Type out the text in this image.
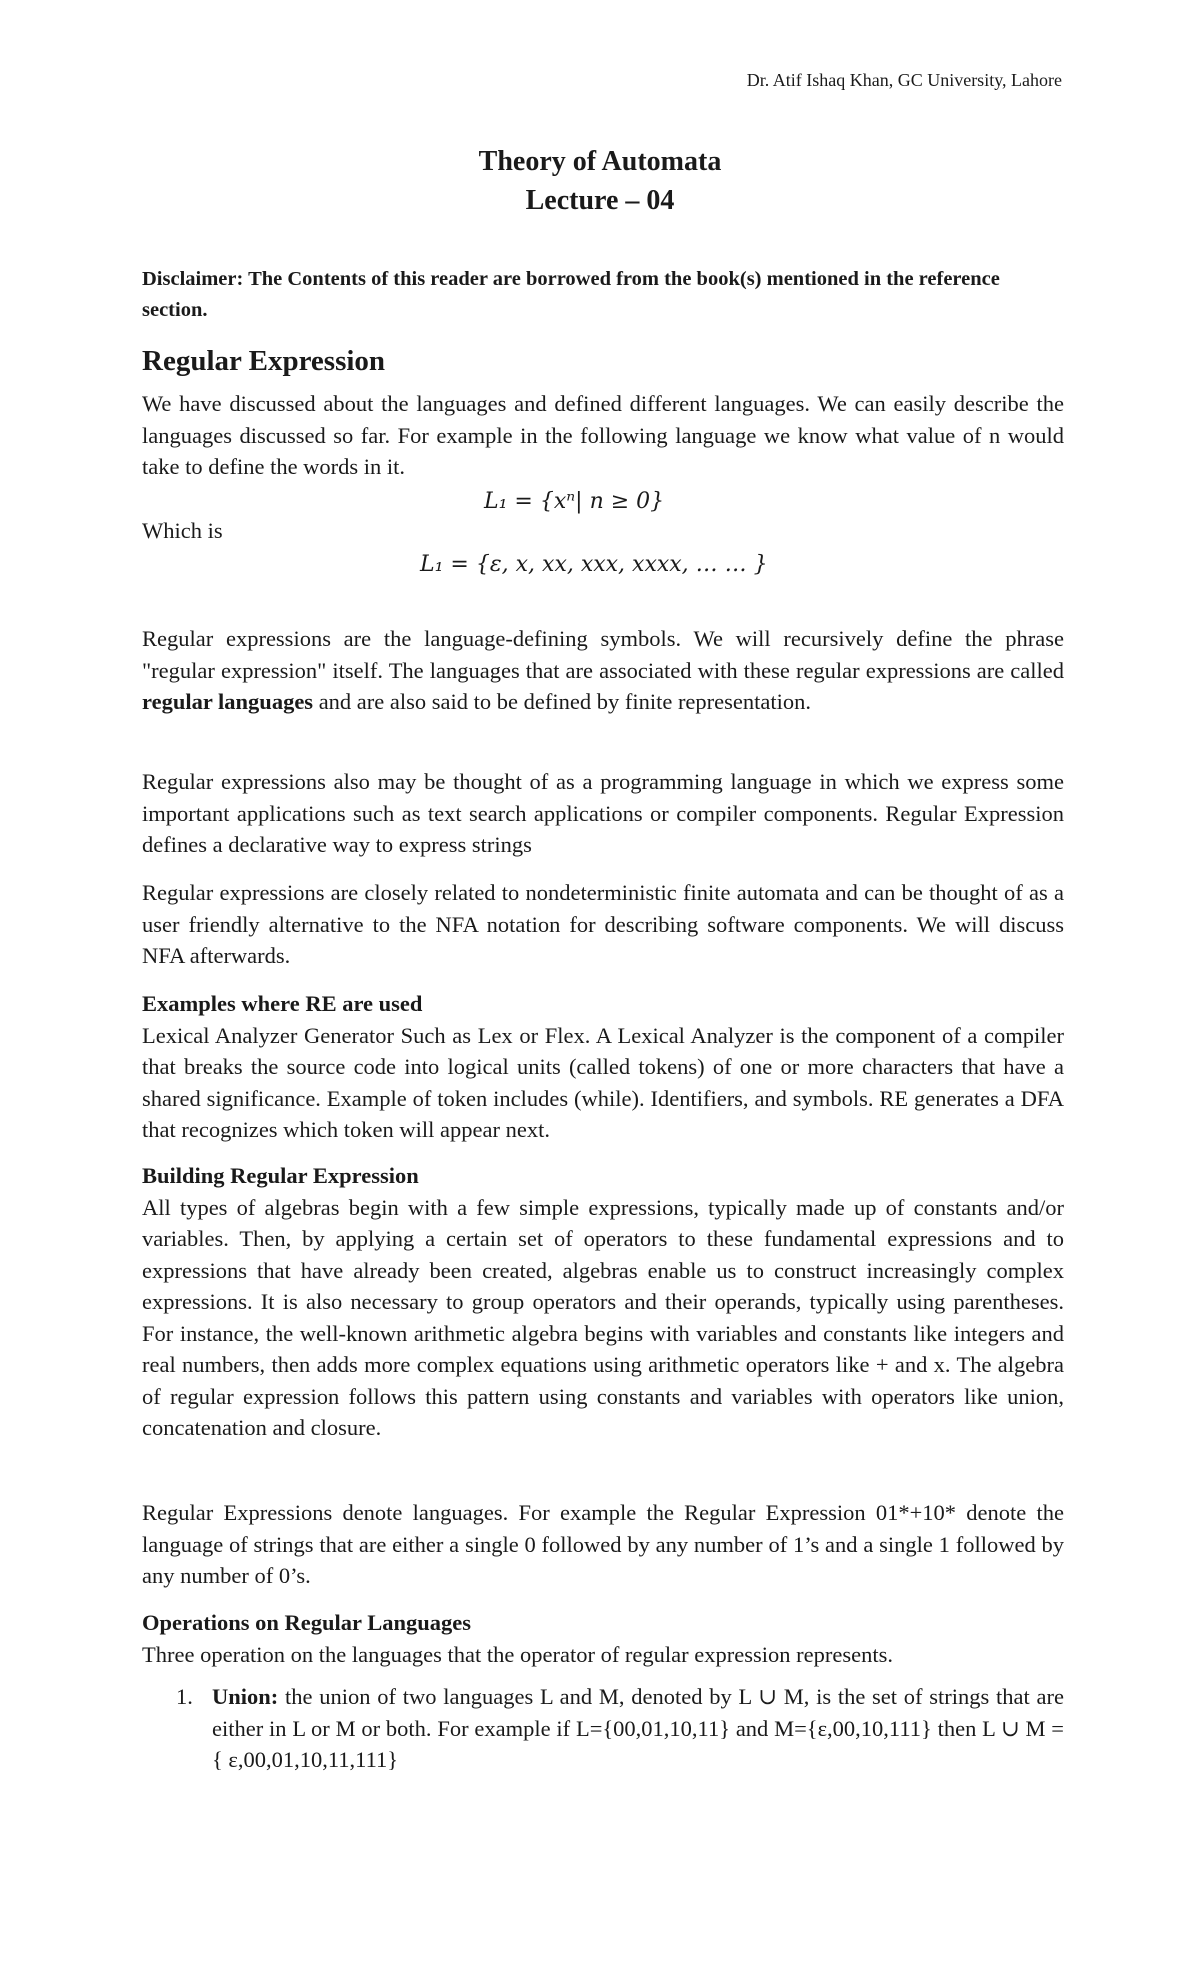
Dr. Atif Ishaq Khan, GC University, Lahore
Theory of Automata
Lecture – 04
Disclaimer: The Contents of this reader are borrowed from the book(s) mentioned in the reference section.
Regular Expression

We have discussed about the languages and defined different languages. We can easily describe the languages discussed so far. For example in the following language we know what value of n would take to define the words in it.

L₁ = {xⁿ| n ≥ 0}
Which is
L₁ = {ε, x, xx, xxx, xxxx, … … }

Regular expressions are the language-defining symbols. We will recursively define the phrase "regular expression" itself. The languages that are associated with these regular expressions are called regular languages and are also said to be defined by finite representation.

Regular expressions also may be thought of as a programming language in which we express some important applications such as text search applications or compiler components. Regular Expression defines a declarative way to express strings

Regular expressions are closely related to nondeterministic finite automata and can be thought of as a user friendly alternative to the NFA notation for describing software components. We will discuss NFA afterwards.

Examples where RE are used

Lexical Analyzer Generator Such as Lex or Flex. A Lexical Analyzer is the component of a compiler that breaks the source code into logical units (called tokens) of one or more characters that have a shared significance. Example of token includes (while). Identifiers, and symbols. RE generates a DFA that recognizes which token will appear next.

Building Regular Expression

All types of algebras begin with a few simple expressions, typically made up of constants and/or variables. Then, by applying a certain set of operators to these fundamental expressions and to expressions that have already been created, algebras enable us to construct increasingly complex expressions. It is also necessary to group operators and their operands, typically using parentheses. For instance, the well-known arithmetic algebra begins with variables and constants like integers and real numbers, then adds more complex equations using arithmetic operators like + and x. The algebra of regular expression follows this pattern using constants and variables with operators like union, concatenation and closure.

Regular Expressions denote languages. For example the Regular Expression 01*+10* denote the language of strings that are either a single 0 followed by any number of 1’s and a single 1 followed by any number of 0’s.

Operations on Regular Languages

Three operation on the languages that the operator of regular expression represents.

1. Union: the union of two languages L and M, denoted by L ∪ M, is the set of strings that are either in L or M or both. For example if L={00,01,10,11} and M={ε,00,10,111} then L ∪ M = { ε,00,01,10,11,111}
